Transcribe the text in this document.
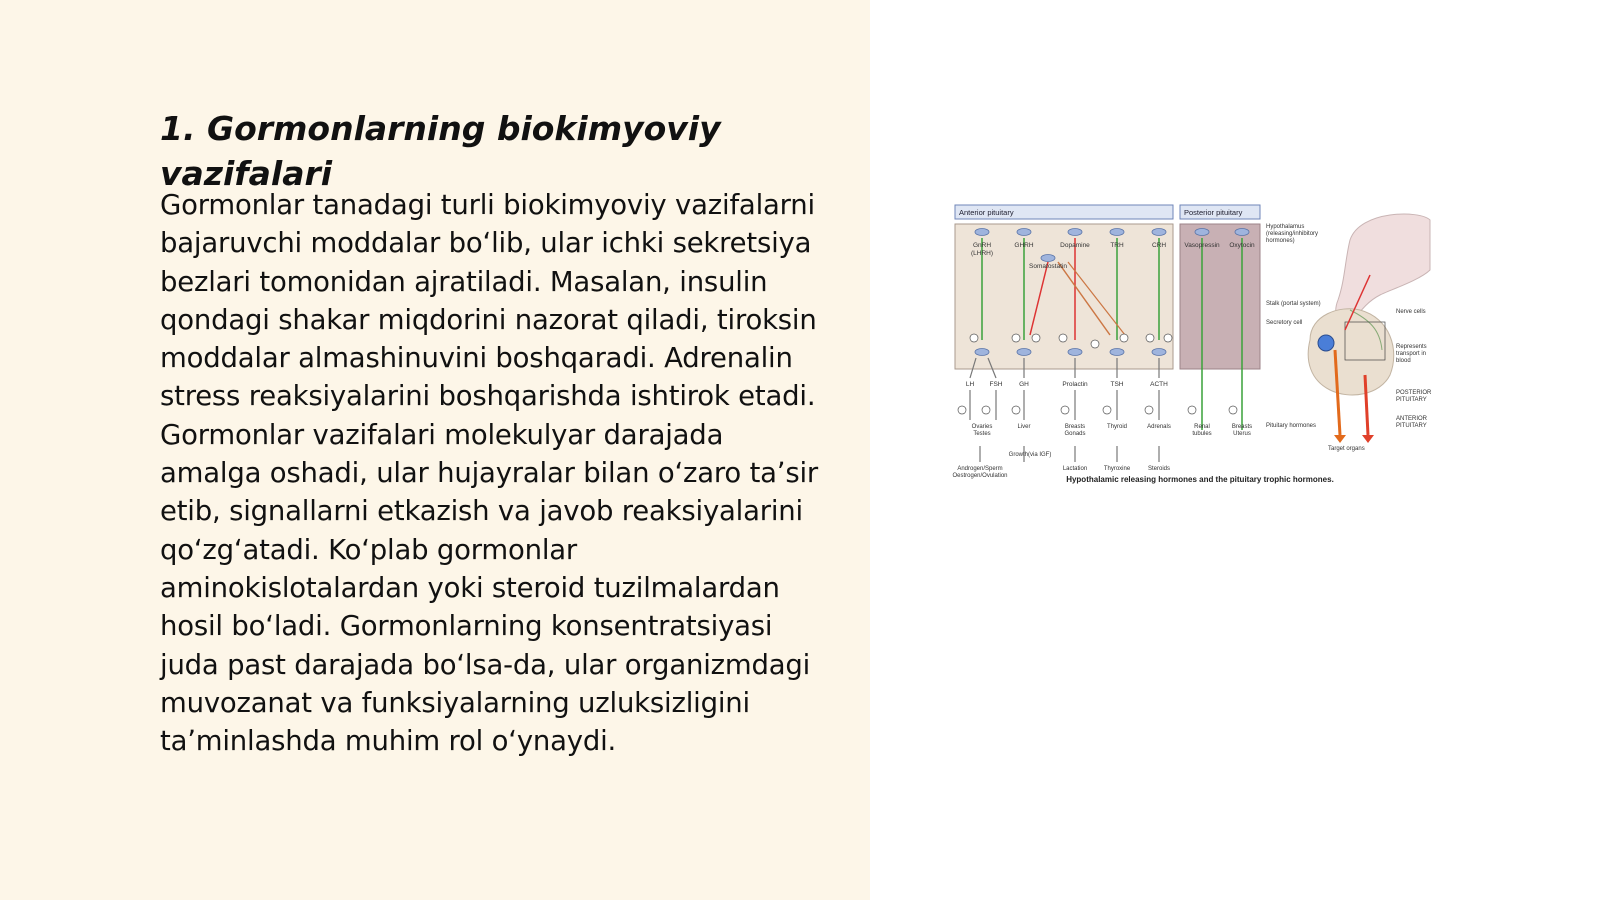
1. Gormonlarning biokimyoviy vazifalari

Gormonlar tanadagi turli biokimyoviy vazifalarni bajaruvchi moddalar boʻlib, ular ichki sekretsiya bezlari tomonidan ajratiladi. Masalan, insulin qondagi shakar miqdorini nazorat qiladi, tiroksin moddalar almashinuvini boshqaradi. Adrenalin stress reaksiyalarini boshqarishda ishtirok etadi. Gormonlar vazifalari molekulyar darajada amalga oshadi, ular hujayralar bilan oʻzaro taʼsir etib, signallarni etkazish va javob reaksiyalarini qoʻzgʻatadi. Koʻplab gormonlar aminokislotalardan yoki steroid tuzilmalardan hosil boʻladi. Gormonlarning konsentratsiyasi juda past darajada boʻlsa-da, ular organizmdagi muvozanat va funksiyalarning uzluksizligini taʼminlashda muhim rol oʻynaydi.

Anterior pituitary	Posterior pituitary
GnRH	GHRH	Dopamine	TRH	CRH
(LHRH)
Somatostatin
Vasopressin Oxytocin
LH FSH	GH	Prolactin	TSH	ACTH
Ovaries
Testes
Liver	Breasts
Gonads
Thyroid	Adrenals	Renal
tubules
Breasts
Uterus
Androgen/Sperm
Oestrogen/Ovulation
Growth(via IGF)
Lactation	Thyroxine	Steroids
Hypothalamus
(releasing/inhibitory
hormones)
Stalk (portal system)
Secretory cell
Nerve cells
Represents
transport in
blood
POSTERIOR
PITUITARY
ANTERIOR
PITUITARY
Pituitary hormones
Target organs
Hypothalamic releasing hormones and the pituitary trophic hormones.
